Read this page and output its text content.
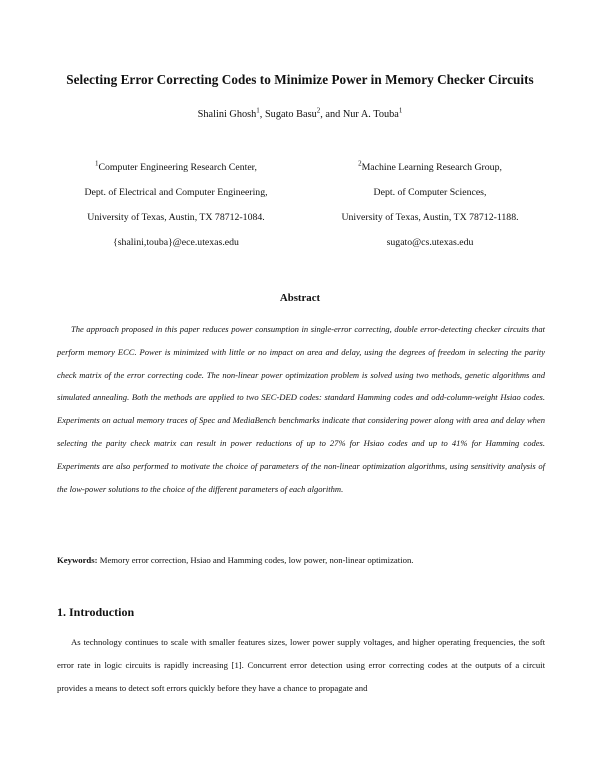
Selecting Error Correcting Codes to Minimize Power in Memory Checker Circuits
Shalini Ghosh$^1$, Sugato Basu$^2$, and Nur A. Touba$^1$
$^1$Computer Engineering Research Center,
Dept. of Electrical and Computer Engineering,
University of Texas, Austin, TX 78712-1084.
{shalini,touba}@ece.utexas.edu
$^2$Machine Learning Research Group,
Dept. of Computer Sciences,
University of Texas, Austin, TX 78712-1188.
sugato@cs.utexas.edu
Abstract
The approach proposed in this paper reduces power consumption in single-error correcting, double error-detecting checker circuits that perform memory ECC. Power is minimized with little or no impact on area and delay, using the degrees of freedom in selecting the parity check matrix of the error correcting code. The non-linear power optimization problem is solved using two methods, genetic algorithms and simulated annealing. Both the methods are applied to two SEC-DED codes: standard Hamming codes and odd-column-weight Hsiao codes. Experiments on actual memory traces of Spec and MediaBench benchmarks indicate that considering power along with area and delay when selecting the parity check matrix can result in power reductions of up to 27% for Hsiao codes and up to 41% for Hamming codes. Experiments are also performed to motivate the choice of parameters of the non-linear optimization algorithms, using sensitivity analysis of the low-power solutions to the choice of the different parameters of each algorithm.
Keywords: Memory error correction, Hsiao and Hamming codes, low power, non-linear optimization.
1. Introduction
As technology continues to scale with smaller features sizes, lower power supply voltages, and higher operating frequencies, the soft error rate in logic circuits is rapidly increasing [1]. Concurrent error detection using error correcting codes at the outputs of a circuit provides a means to detect soft errors quickly before they have a chance to propagate and
